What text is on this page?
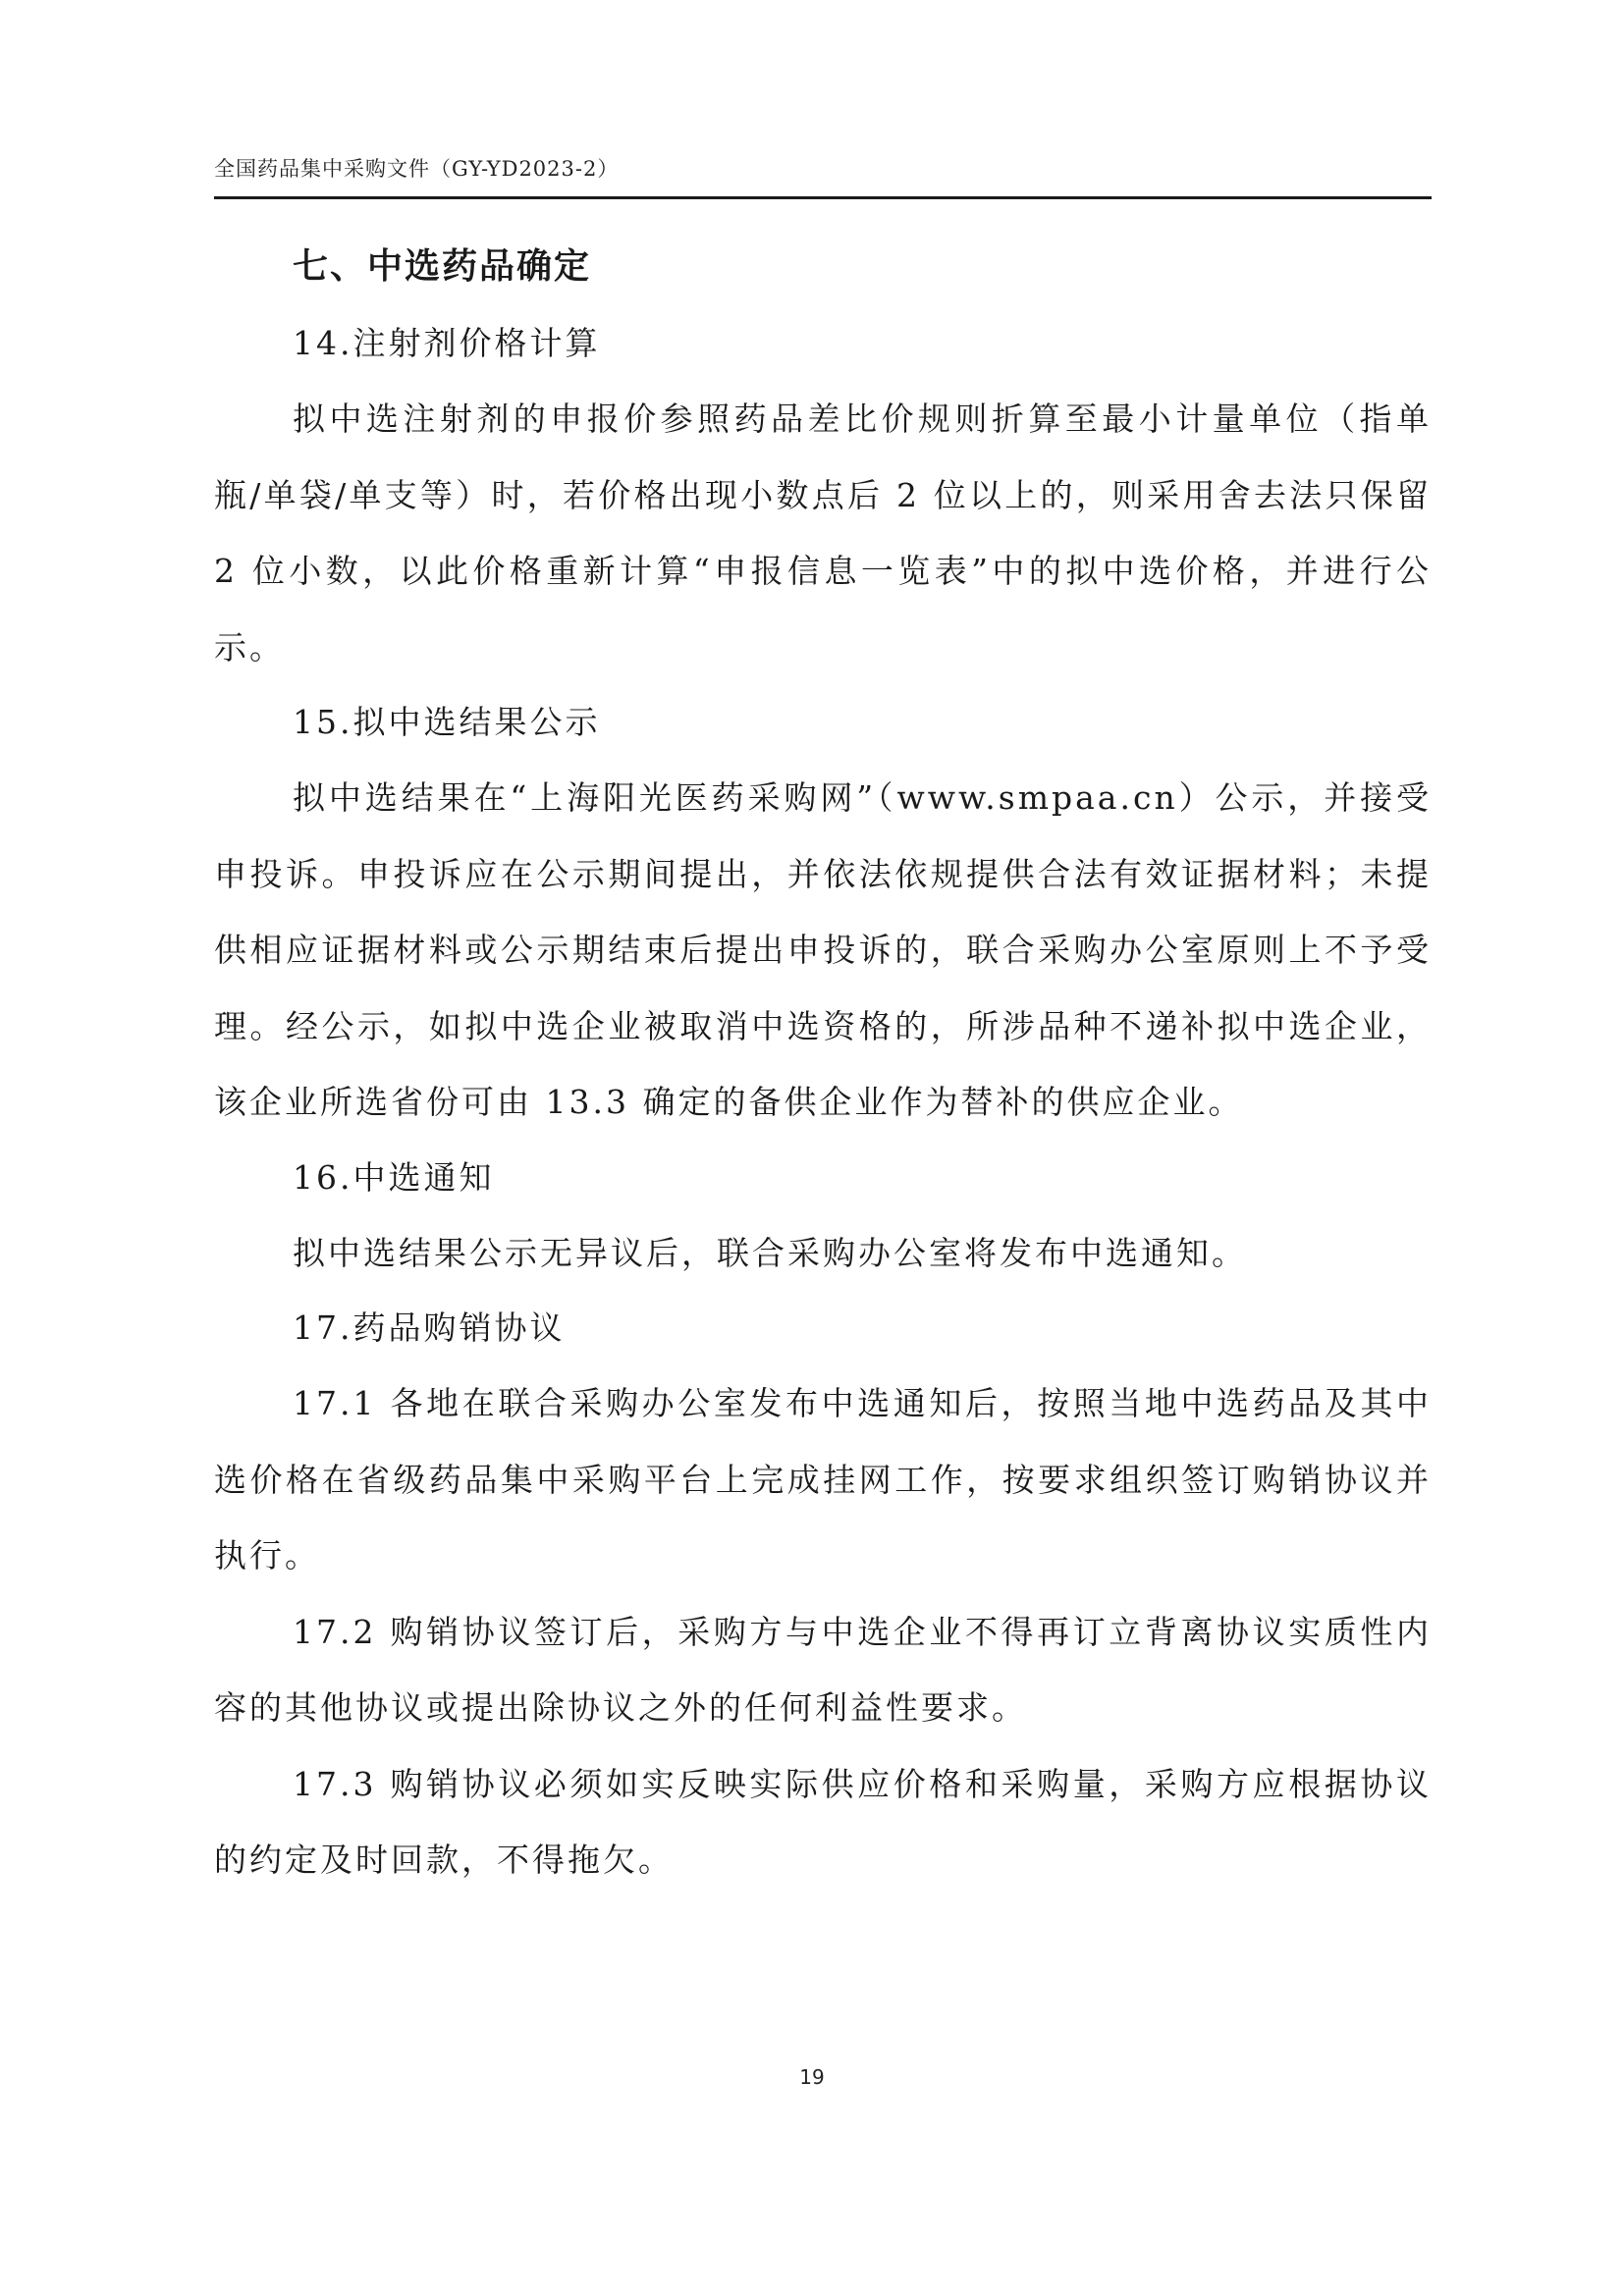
全国药品集中采购文件（GY-YD2023-2）
七、中选药品确定

14.注射剂价格计算

拟中选注射剂的申报价参照药品差比价规则折算至最小计量单位（指单瓶/单袋/单支等）时，若价格出现小数点后 2 位以上的，则采用舍去法只保留 2 位小数，以此价格重新计算“申报信息一览表”中的拟中选价格，并进行公示。

15.拟中选结果公示

拟中选结果在“上海阳光医药采购网”（www.smpaa.cn）公示，并接受申投诉。申投诉应在公示期间提出，并依法依规提供合法有效证据材料；未提供相应证据材料或公示期结束后提出申投诉的，联合采购办公室原则上不予受理。经公示，如拟中选企业被取消中选资格的，所涉品种不递补拟中选企业，该企业所选省份可由 13.3 确定的备供企业作为替补的供应企业。

16.中选通知

拟中选结果公示无异议后，联合采购办公室将发布中选通知。

17.药品购销协议

17.1 各地在联合采购办公室发布中选通知后，按照当地中选药品及其中选价格在省级药品集中采购平台上完成挂网工作，按要求组织签订购销协议并执行。

17.2 购销协议签订后，采购方与中选企业不得再订立背离协议实质性内容的其他协议或提出除协议之外的任何利益性要求。

17.3 购销协议必须如实反映实际供应价格和采购量，采购方应根据协议的约定及时回款，不得拖欠。

19
